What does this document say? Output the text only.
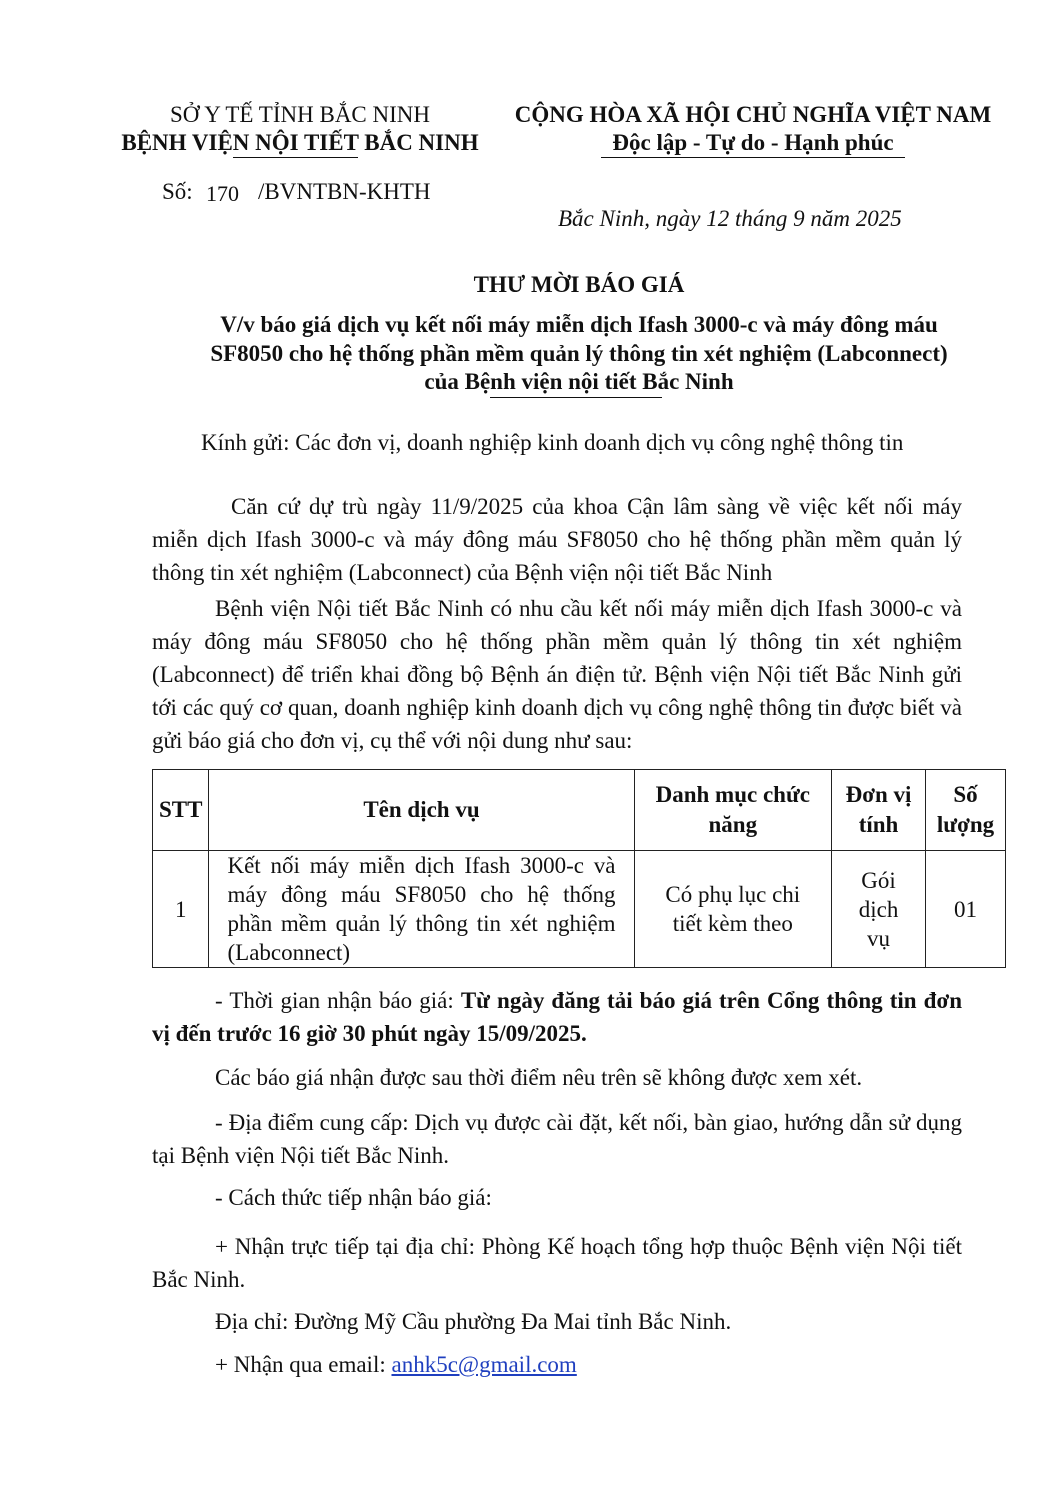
SỞ Y TẾ TỈNH BẮC NINH
BỆNH VIỆN NỘI TIẾT BẮC NINH
Số: 170 /BVNTBN-KHTH
CỘNG HÒA XÃ HỘI CHỦ NGHĨA VIỆT NAM
Độc lập - Tự do - Hạnh phúc
Bắc Ninh, ngày 12 tháng 9 năm 2025
THƯ MỜI BÁO GIÁ
V/v báo giá dịch vụ kết nối máy miễn dịch Ifash 3000-c và máy đông máu
SF8050 cho hệ thống phần mềm quản lý thông tin xét nghiệm (Labconnect)
của Bệnh viện nội tiết Bắc Ninh
Kính gửi: Các đơn vị, doanh nghiệp kinh doanh dịch vụ công nghệ thông tin

Căn cứ dự trù ngày 11/9/2025 của khoa Cận lâm sàng về việc kết nối máy miễn dịch Ifash 3000-c và máy đông máu SF8050 cho hệ thống phần mềm quản lý thông tin xét nghiệm (Labconnect) của Bệnh viện nội tiết Bắc Ninh

Bệnh viện Nội tiết Bắc Ninh có nhu cầu kết nối máy miễn dịch Ifash 3000-c và máy đông máu SF8050 cho hệ thống phần mềm quản lý thông tin xét nghiệm (Labconnect) để triển khai đồng bộ Bệnh án điện tử. Bệnh viện Nội tiết Bắc Ninh gửi tới các quý cơ quan, doanh nghiệp kinh doanh dịch vụ công nghệ thông tin được biết và gửi báo giá cho đơn vị, cụ thể với nội dung như sau:

STT	Tên dịch vụ	Danh mục chức năng	Đơn vị tính	Số lượng
1	Kết nối máy miễn dịch Ifash 3000-c và máy đông máu SF8050 cho hệ thống phần mềm quản lý thông tin xét nghiệm (Labconnect)	Có phụ lục chi tiết kèm theo	Gói dịch vụ	01

- Thời gian nhận báo giá: Từ ngày đăng tải báo giá trên Cổng thông tin đơn vị đến trước 16 giờ 30 phút ngày 15/09/2025.

Các báo giá nhận được sau thời điểm nêu trên sẽ không được xem xét.

- Địa điểm cung cấp: Dịch vụ được cài đặt, kết nối, bàn giao, hướng dẫn sử dụng tại Bệnh viện Nội tiết Bắc Ninh.

- Cách thức tiếp nhận báo giá:

+ Nhận trực tiếp tại địa chỉ: Phòng Kế hoạch tổng hợp thuộc Bệnh viện Nội tiết Bắc Ninh.

Địa chỉ: Đường Mỹ Cầu phường Đa Mai tỉnh Bắc Ninh.
+ Nhận qua email: anhk5c@gmail.com
